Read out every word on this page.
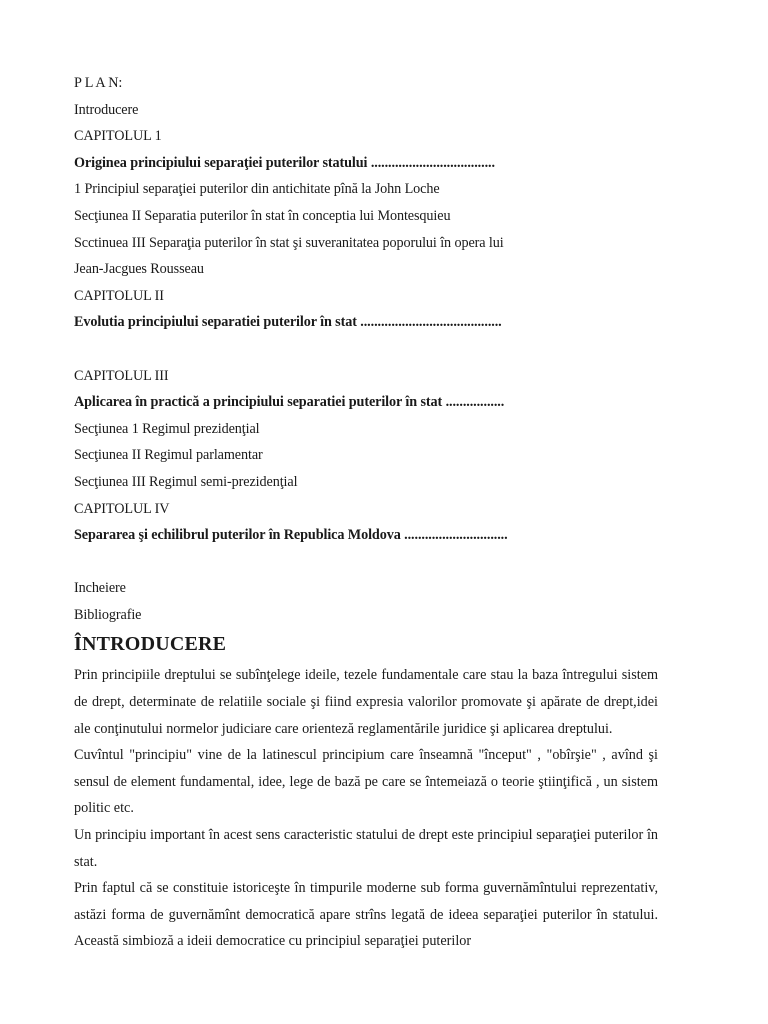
P L A N:
Introducere
CAPITOLUL 1
Originea principiului separaţiei puterilor statului ....................................
1 Principiul separaţiei puterilor din antichitate pînă la John Loche
Secţiunea II Separatia puterilor în stat în conceptia lui Montesquieu
Scctinuea III Separaţia puterilor în stat şi suveranitatea poporului în opera lui
Jean-Jacgues Rousseau
CAPITOLUL II
Evolutia principiului separatiei puterilor în stat .........................................
CAPITOLUL III
Aplicarea în practică a principiului separatiei puterilor în stat .................
Secţiunea 1 Regimul prezidenţial
Secţiunea II Regimul parlamentar
Secţiunea III Regimul semi-prezidenţial
CAPITOLUL IV
Separarea şi echilibrul puterilor în Republica Moldova ..............................
Incheiere
Bibliografie
ÎNTRODUCERE

Prin principiile dreptului se subînţelege ideile, tezele fundamentale care stau la baza întregului sistem de drept, determinate de relatiile sociale şi fiind expresia valorilor promovate şi apărate de drept,idei ale conţinutului normelor judiciare care orienteză reglamentările juridice şi aplicarea dreptului.

Cuvîntul "principiu" vine de la latinescul principium care înseamnă "început" , "obîrşie" , avînd şi sensul de element fundamental, idee, lege de bază pe care se întemeiază o teorie ştiinţifică , un sistem politic etc.

Un principiu important în acest sens caracteristic statului de drept este principiul separaţiei puterilor în stat.

Prin faptul că se constituie istoriceşte în timpurile moderne sub forma guvernămîntului reprezentativ, astăzi forma de guvernămînt democratică apare strîns legată de ideea separaţiei puterilor în statului. Această simbioză a ideii democratice cu principiul separaţiei puterilor
